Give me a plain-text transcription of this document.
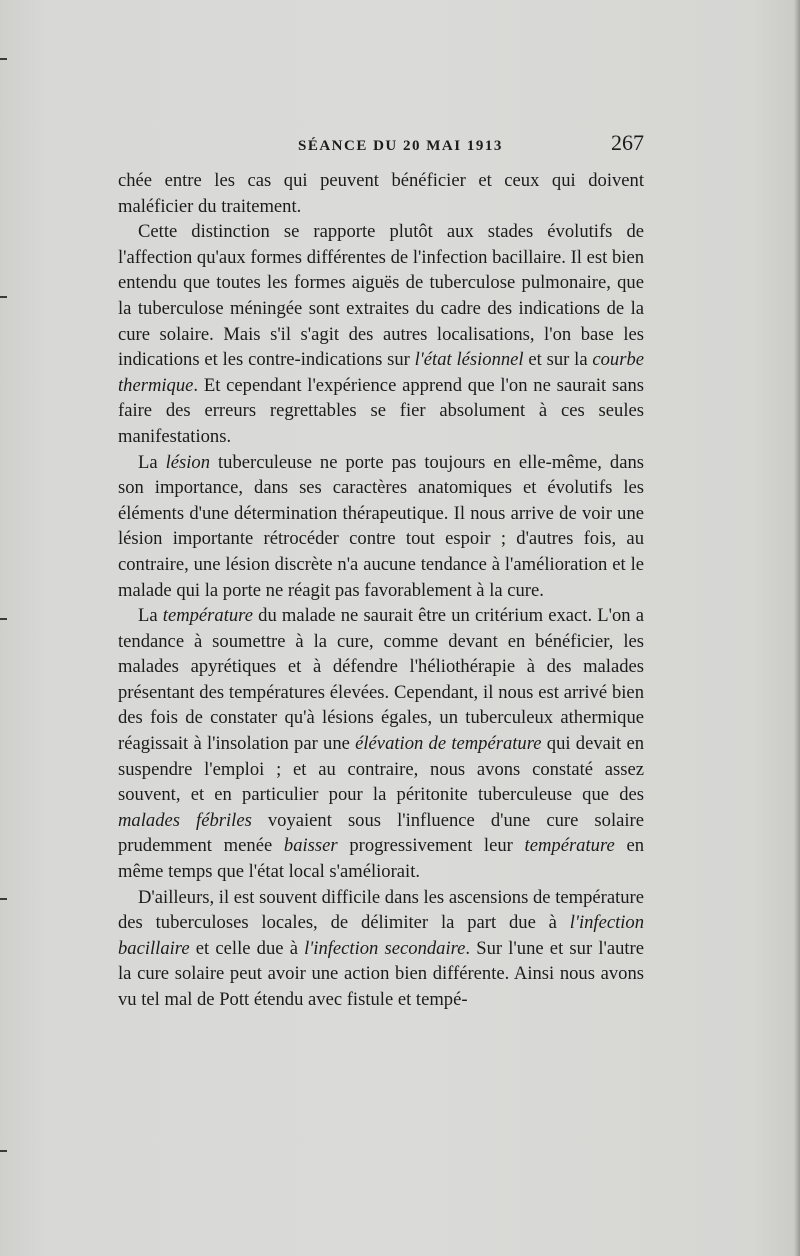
SÉANCE DU 20 MAI 1913	267

chée entre les cas qui peuvent bénéficier et ceux qui doivent maléficier du traitement.

Cette distinction se rapporte plutôt aux stades évolutifs de l'affection qu'aux formes différentes de l'infection bacillaire. Il est bien entendu que toutes les formes aiguës de tuberculose pulmonaire, que la tuberculose méningée sont extraites du cadre des indications de la cure solaire. Mais s'il s'agit des autres localisations, l'on base les indications et les contre-indications sur l'état lésionnel et sur la courbe thermique. Et cependant l'expérience apprend que l'on ne saurait sans faire des erreurs regrettables se fier absolument à ces seules manifestations.

La lésion tuberculeuse ne porte pas toujours en elle-même, dans son importance, dans ses caractères anatomiques et évolutifs les éléments d'une détermination thérapeutique. Il nous arrive de voir une lésion importante rétrocéder contre tout espoir ; d'autres fois, au contraire, une lésion discrète n'a aucune tendance à l'amélioration et le malade qui la porte ne réagit pas favorablement à la cure.

La température du malade ne saurait être un critérium exact. L'on a tendance à soumettre à la cure, comme devant en bénéficier, les malades apyrétiques et à défendre l'héliothérapie à des malades présentant des températures élevées. Cependant, il nous est arrivé bien des fois de constater qu'à lésions égales, un tuberculeux athermique réagissait à l'insolation par une élévation de température qui devait en suspendre l'emploi ; et au contraire, nous avons constaté assez souvent, et en particulier pour la péritonite tuberculeuse que des malades fébriles voyaient sous l'influence d'une cure solaire prudemment menée baisser progressivement leur température en même temps que l'état local s'améliorait.

D'ailleurs, il est souvent difficile dans les ascensions de température des tuberculoses locales, de délimiter la part due à l'infection bacillaire et celle due à l'infection secondaire. Sur l'une et sur l'autre la cure solaire peut avoir une action bien différente. Ainsi nous avons vu tel mal de Pott étendu avec fistule et tempé-
